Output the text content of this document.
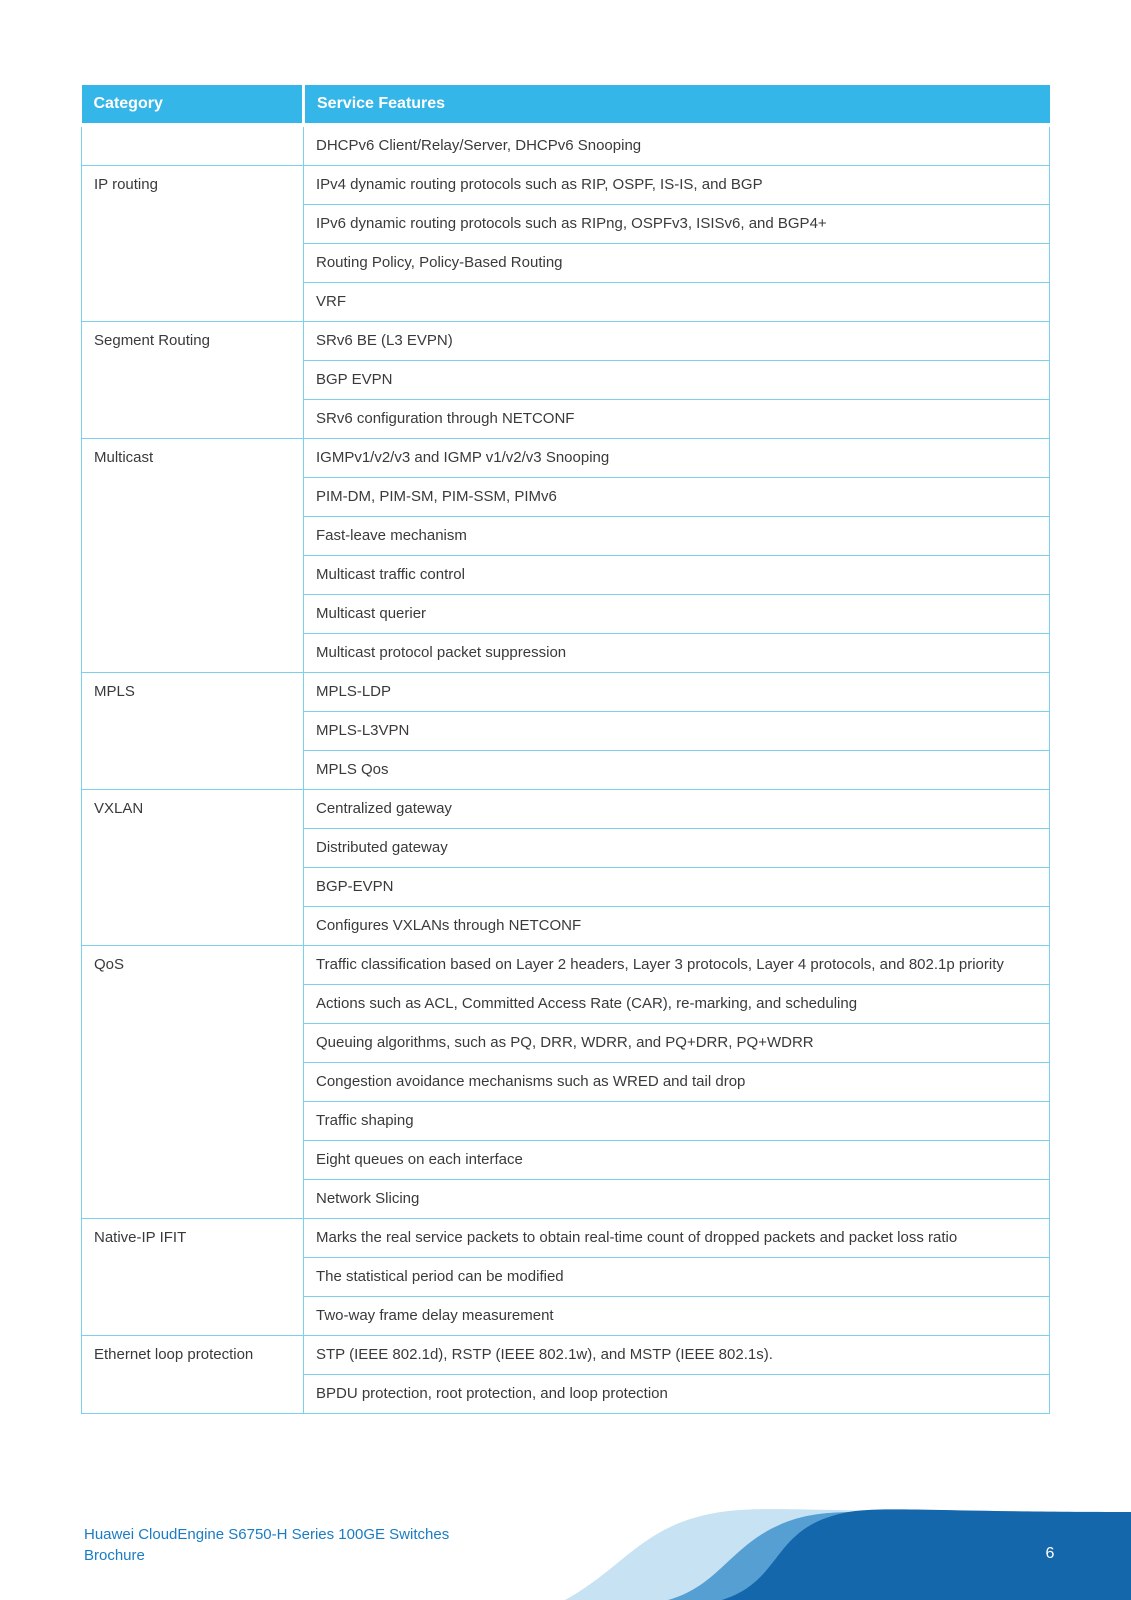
Category	Service Features
	DHCPv6 Client/Relay/Server, DHCPv6 Snooping
IP routing	IPv4 dynamic routing protocols such as RIP, OSPF, IS-IS, and BGP
	IPv6 dynamic routing protocols such as RIPng, OSPFv3, ISISv6, and BGP4+
	Routing Policy, Policy-Based Routing
	VRF
Segment Routing	SRv6 BE (L3 EVPN)
	BGP EVPN
	SRv6 configuration through NETCONF
Multicast	IGMPv1/v2/v3 and IGMP v1/v2/v3 Snooping
	PIM-DM, PIM-SM, PIM-SSM, PIMv6
	Fast-leave mechanism
	Multicast traffic control
	Multicast querier
	Multicast protocol packet suppression
MPLS	MPLS-LDP
	MPLS-L3VPN
	MPLS Qos
VXLAN	Centralized gateway
	Distributed gateway
	BGP-EVPN
	Configures VXLANs through NETCONF
QoS	Traffic classification based on Layer 2 headers, Layer 3 protocols, Layer 4 protocols, and 802.1p priority
	Actions such as ACL, Committed Access Rate (CAR), re-marking, and scheduling
	Queuing algorithms, such as PQ, DRR, WDRR, and PQ+DRR, PQ+WDRR
	Congestion avoidance mechanisms such as WRED and tail drop
	Traffic shaping
	Eight queues on each interface
	Network Slicing
Native-IP IFIT	Marks the real service packets to obtain real-time count of dropped packets and packet loss ratio
	The statistical period can be modified
	Two-way frame delay measurement
Ethernet loop protection	STP (IEEE 802.1d), RSTP (IEEE 802.1w), and MSTP (IEEE 802.1s).
	BPDU protection, root protection, and loop protection
Huawei CloudEngine S6750-H Series 100GE Switches
Brochure	6
